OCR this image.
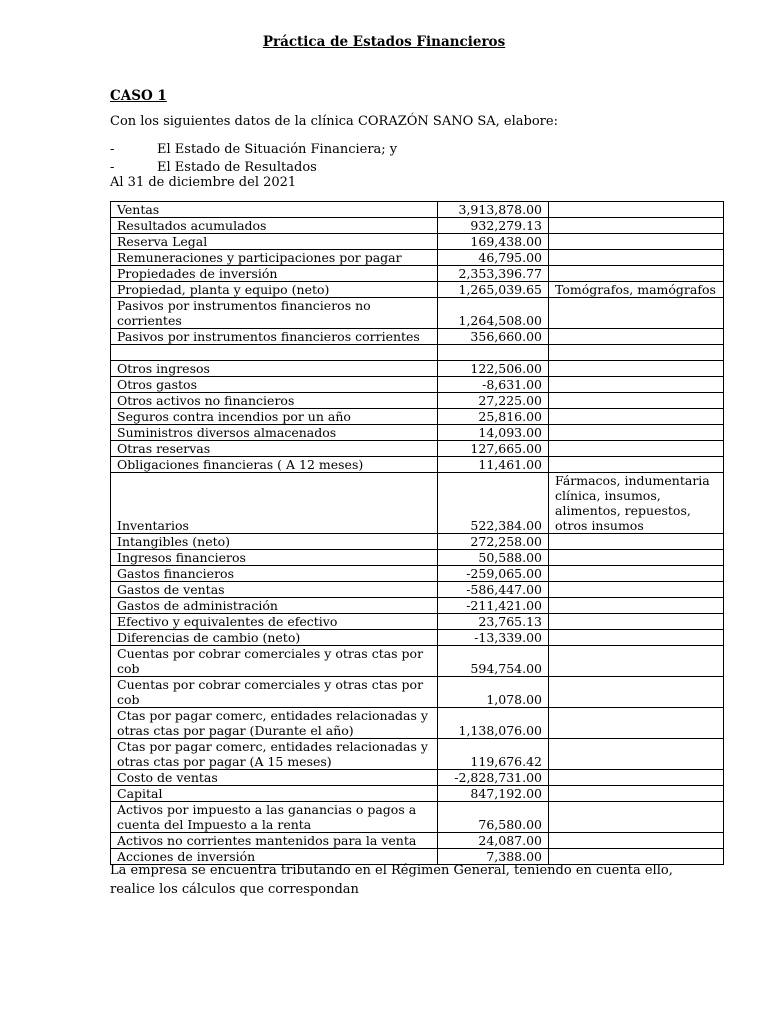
Práctica de Estados Financieros
CASO 1
Con los siguientes datos de la clínica CORAZÓN SANO SA, elabore:
-	El Estado de Situación Financiera; y
-	El Estado de Resultados
Al 31 de diciembre del 2021
Ventas	3,913,878.00	
Resultados acumulados	932,279.13	
Reserva Legal	169,438.00	
Remuneraciones y participaciones por pagar	46,795.00	
Propiedades de inversión	2,353,396.77	
Propiedad, planta y equipo (neto)	1,265,039.65	Tomógrafos, mamógrafos
Pasivos por instrumentos financieros no corrientes	1,264,508.00	
Pasivos por instrumentos financieros corrientes	356,660.00	

Otros ingresos	122,506.00	
Otros gastos	-8,631.00	
Otros activos no financieros	27,225.00	
Seguros contra incendios por un año	25,816.00	
Suministros diversos almacenados	14,093.00	
Otras reservas	127,665.00	
Obligaciones financieras ( A 12 meses)	11,461.00	
Inventarios	522,384.00	Fármacos, indumentaria clínica, insumos, alimentos, repuestos, otros insumos
Intangibles (neto)	272,258.00	
Ingresos financieros	50,588.00	
Gastos financieros	-259,065.00	
Gastos de ventas	-586,447.00	
Gastos de administración	-211,421.00	
Efectivo y equivalentes de efectivo	23,765.13	
Diferencias de cambio (neto)	-13,339.00	
Cuentas por cobrar comerciales y otras ctas por cob	594,754.00	
Cuentas por cobrar comerciales y otras ctas por cob	1,078.00	
Ctas por pagar comerc, entidades relacionadas y otras ctas por pagar (Durante el año)	1,138,076.00	
Ctas por pagar comerc, entidades relacionadas y otras ctas por pagar (A 15 meses)	119,676.42	
Costo de ventas	-2,828,731.00	
Capital	847,192.00	
Activos por impuesto a las ganancias o pagos a cuenta del Impuesto a la renta	76,580.00	
Activos no corrientes mantenidos para la venta	24,087.00	
Acciones de inversión	7,388.00	
La empresa se encuentra tributando en el Régimen General, teniendo en cuenta ello,
realice los cálculos que correspondan
